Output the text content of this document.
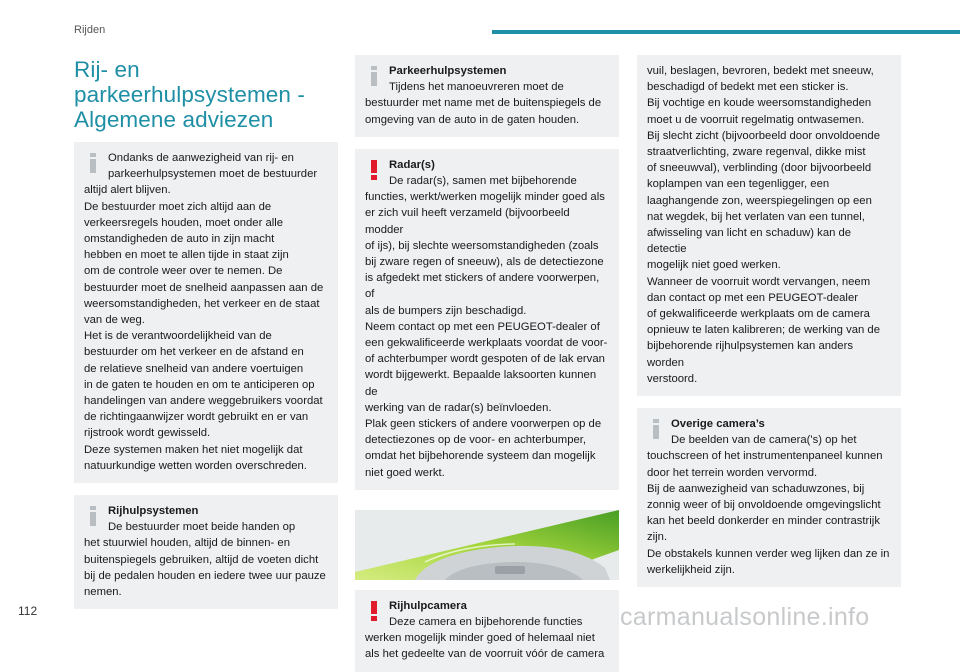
Rijden
Rij- en
parkeerhulpsystemen -
Algemene adviezen

Ondanks de aanwezigheid van rij- en
parkeerhulpsystemen moet de bestuurder

altijd alert blijven.
De bestuurder moet zich altijd aan de
verkeersregels houden, moet onder alle
omstandigheden de auto in zijn macht
hebben en moet te allen tijde in staat zijn
om de controle weer over te nemen. De
bestuurder moet de snelheid aanpassen aan de
weersomstandigheden, het verkeer en de staat
van de weg.
Het is de verantwoordelijkheid van de
bestuurder om het verkeer en de afstand en
de relatieve snelheid van andere voertuigen
in de gaten te houden en om te anticiperen op
handelingen van andere weggebruikers voordat
de richtingaanwijzer wordt gebruikt en er van
rijstrook wordt gewisseld.
Deze systemen maken het niet mogelijk dat
natuurkundige wetten worden overschreden.

Rijhulpsystemen

De bestuurder moet beide handen op

het stuurwiel houden, altijd de binnen- en
buitenspiegels gebruiken, altijd de voeten dicht
bij de pedalen houden en iedere twee uur pauze
nemen.

Parkeerhulpsystemen

Tijdens het manoeuvreren moet de

bestuurder met name met de buitenspiegels de
omgeving van de auto in de gaten houden.

Radar(s)

De radar(s), samen met bijbehorende

functies, werkt/werken mogelijk minder goed als
er zich vuil heeft verzameld (bijvoorbeeld modder
of ijs), bij slechte weersomstandigheden (zoals
bij zware regen of sneeuw), als de detectiezone
is afgedekt met stickers of andere voorwerpen, of
als de bumpers zijn beschadigd.
Neem contact op met een PEUGEOT-dealer of
een gekwalificeerde werkplaats voordat de voor-
of achterbumper wordt gespoten of de lak ervan
wordt bijgewerkt. Bepaalde laksoorten kunnen de
werking van de radar(s) beïnvloeden.
Plak geen stickers of andere voorwerpen op de
detectiezones op de voor- en achterbumper,
omdat het bijbehorende systeem dan mogelijk
niet goed werkt.

Rijhulpcamera

Deze camera en bijbehorende functies

werken mogelijk minder goed of helemaal niet
als het gedeelte van de voorruit vóór de camera

vuil, beslagen, bevroren, bedekt met sneeuw,
beschadigd of bedekt met een sticker is.
Bij vochtige en koude weersomstandigheden
moet u de voorruit regelmatig ontwasemen.
Bij slecht zicht (bijvoorbeeld door onvoldoende
straatverlichting, zware regenval, dikke mist
of sneeuwval), verblinding (door bijvoorbeeld
koplampen van een tegenligger, een
laaghangende zon, weerspiegelingen op een
nat wegdek, bij het verlaten van een tunnel,
afwisseling van licht en schaduw) kan de detectie
mogelijk niet goed werken.
Wanneer de voorruit wordt vervangen, neem
dan contact op met een PEUGEOT-dealer
of gekwalificeerde werkplaats om de camera
opnieuw te laten kalibreren; de werking van de
bijbehorende rijhulpsystemen kan anders worden
verstoord.

Overige camera’s

De beelden van de camera('s) op het

touchscreen of het instrumentenpaneel kunnen
door het terrein worden vervormd.
Bij de aanwezigheid van schaduwzones, bij
zonnig weer of bij onvoldoende omgevingslicht
kan het beeld donkerder en minder contrastrijk
zijn.
De obstakels kunnen verder weg lijken dan ze in
werkelijkheid zijn.

112	carmanualsonline.info
